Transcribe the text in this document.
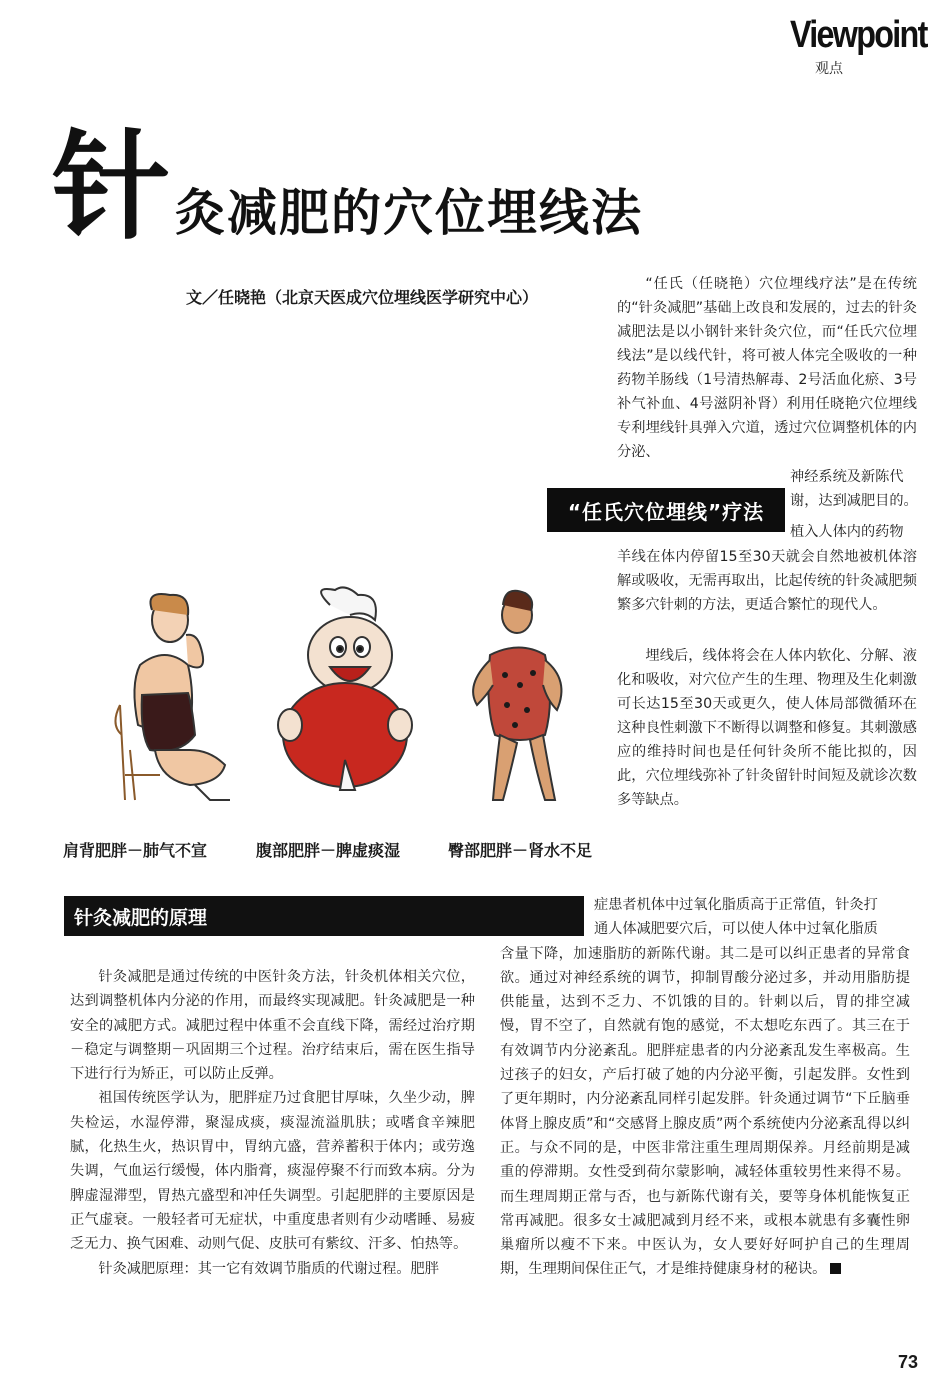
Viewpoint
观点
针 灸减肥的穴位埋线法
文／任晓艳（北京天医成穴位埋线医学研究中心）

“任氏（任晓艳）穴位埋线疗法”是在传统的“针灸减肥”基础上改良和发展的，过去的针灸减肥法是以小钢针来针灸穴位，而“任氏穴位埋线法”是以线代针，将可被人体完全吸收的一种药物羊肠线（1号清热解毒、2号活血化瘀、3号补气补血、4号滋阴补肾）利用任晓艳穴位埋线专利埋线针具弹入穴道，透过穴位调整机体的内分泌、

神经系统及新陈代谢，达到减肥目的。
植入人体内的药物
“任氏穴位埋线”疗法
羊线在体内停留15至30天就会自然地被机体溶解或吸收，无需再取出，比起传统的针灸减肥频繁多穴针刺的方法，更适合繁忙的现代人。

埋线后，线体将会在人体内软化、分解、液化和吸收，对穴位产生的生理、物理及生化刺激可长达15至30天或更久，使人体局部微循环在这种良性刺激下不断得以调整和修复。其刺激感应的维持时间也是任何针灸所不能比拟的，因此，穴位埋线弥补了针灸留针时间短及就诊次数多等缺点。

肩背肥胖－肺气不宣	腹部肥胖－脾虚痰湿	臀部肥胖－肾水不足
针灸减肥的原理

针灸减肥是通过传统的中医针灸方法，针灸机体相关穴位，达到调整机体内分泌的作用，而最终实现减肥。针灸减肥是一种安全的减肥方式。减肥过程中体重不会直线下降，需经过治疗期－稳定与调整期－巩固期三个过程。治疗结束后，需在医生指导下进行行为矫正，可以防止反弹。

祖国传统医学认为，肥胖症乃过食肥甘厚味，久坐少动，脾失检运，水湿停滞，聚湿成痰，痰湿流溢肌肤；或嗜食辛辣肥腻，化热生火，热识胃中，胃纳亢盛，营养蓄积于体内；或劳逸失调，气血运行缓慢，体内脂膏，痰湿停聚不行而致本病。分为脾虚湿滞型，胃热亢盛型和冲任失调型。引起肥胖的主要原因是正气虚衰。一般轻者可无症状，中重度患者则有少动嗜睡、易疲乏无力、换气困难、动则气促、皮肤可有紫纹、汗多、怕热等。

针灸减肥原理：其一它有效调节脂质的代谢过程。肥胖

症患者机体中过氧化脂质高于正常值，针灸打
通人体减肥要穴后，可以使人体中过氧化脂质
含量下降，加速脂肪的新陈代谢。其二是可以纠正患者的异常食欲。通过对神经系统的调节，抑制胃酸分泌过多，并动用脂肪提供能量，达到不乏力、不饥饿的目的。针刺以后，胃的排空减慢，胃不空了，自然就有饱的感觉，不太想吃东西了。其三在于有效调节内分泌紊乱。肥胖症患者的内分泌紊乱发生率极高。生过孩子的妇女，产后打破了她的内分泌平衡，引起发胖。女性到了更年期时，内分泌紊乱同样引起发胖。针灸通过调节“下丘脑垂体肾上腺皮质”和“交感肾上腺皮质”两个系统使内分泌紊乱得以纠正。与众不同的是，中医非常注重生理周期保养。月经前期是减重的停滞期。女性受到荷尔蒙影响，减轻体重较男性来得不易。而生理周期正常与否，也与新陈代谢有关，要等身体机能恢复正常再减肥。很多女士减肥减到月经不来，或根本就患有多囊性卵巢瘤所以瘦不下来。中医认为，女人要好好呵护自己的生理周期，生理期间保住正气，才是维持健康身材的秘诀。
73
